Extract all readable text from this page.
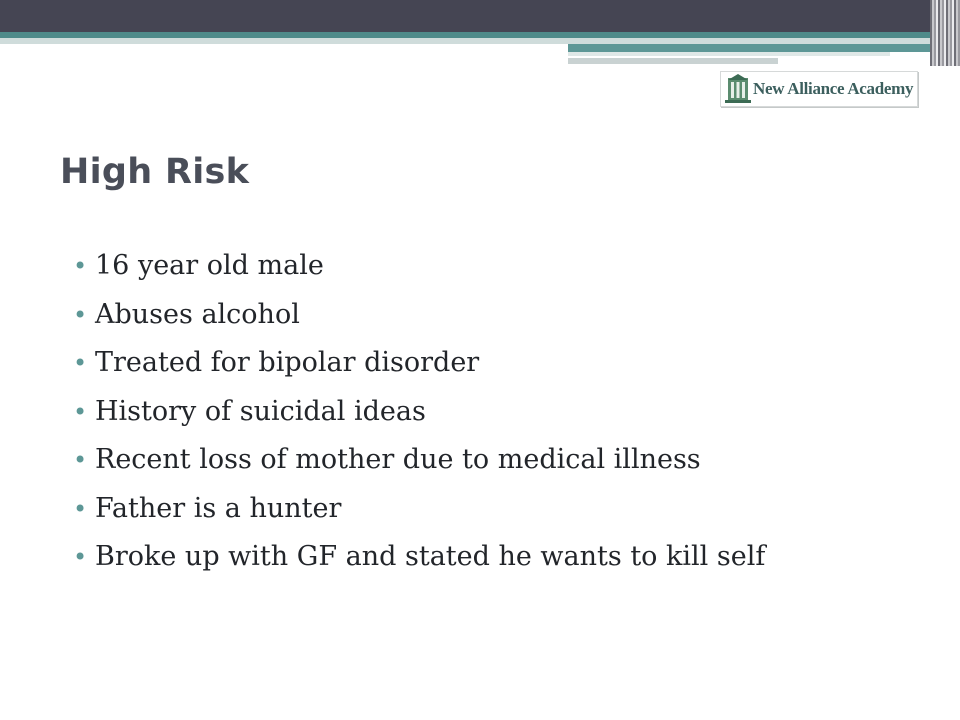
New Alliance Academy
High Risk
• 16 year old male
• Abuses alcohol
• Treated for bipolar disorder
• History of suicidal ideas
• Recent loss of mother due to medical illness
• Father is a hunter
• Broke up with GF and stated he wants to kill self
